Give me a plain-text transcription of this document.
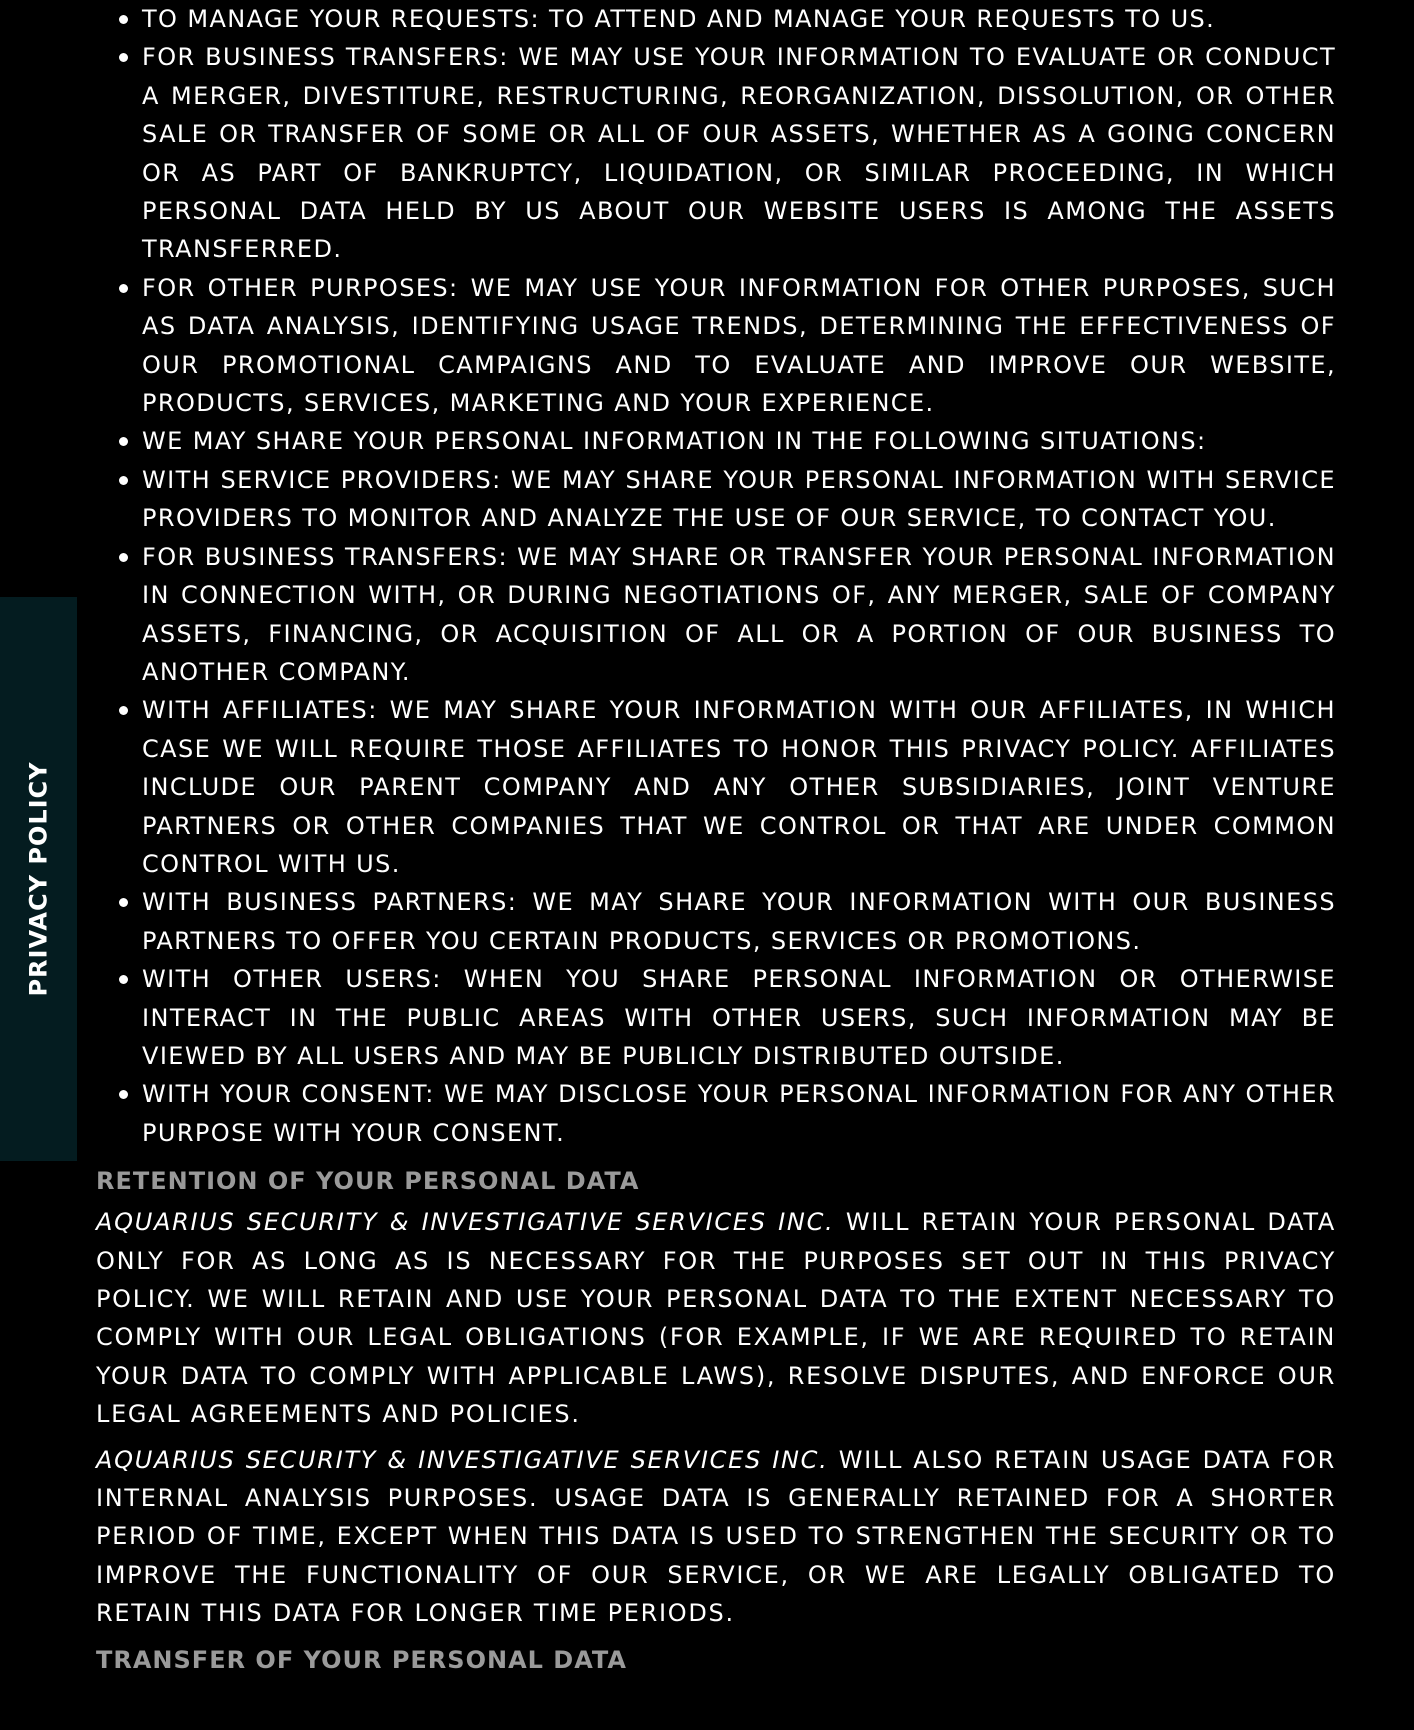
PRIVACY POLICY
TO MANAGE YOUR REQUESTS: TO ATTEND AND MANAGE YOUR REQUESTS TO US.
FOR BUSINESS TRANSFERS: WE MAY USE YOUR INFORMATION TO EVALUATE OR CONDUCT A MERGER, DIVESTITURE, RESTRUCTURING, REORGANIZATION, DISSOLUTION, OR OTHER SALE OR TRANSFER OF SOME OR ALL OF OUR ASSETS, WHETHER AS A GOING CONCERN OR AS PART OF BANKRUPTCY, LIQUIDATION, OR SIMILAR PROCEEDING, IN WHICH PERSONAL DATA HELD BY US ABOUT OUR WEBSITE USERS IS AMONG THE ASSETS TRANSFERRED.
FOR OTHER PURPOSES: WE MAY USE YOUR INFORMATION FOR OTHER PURPOSES, SUCH AS DATA ANALYSIS, IDENTIFYING USAGE TRENDS, DETERMINING THE EFFECTIVENESS OF OUR PROMOTIONAL CAMPAIGNS AND TO EVALUATE AND IMPROVE OUR WEBSITE, PRODUCTS, SERVICES, MARKETING AND YOUR EXPERIENCE.
WE MAY SHARE YOUR PERSONAL INFORMATION IN THE FOLLOWING SITUATIONS:
WITH SERVICE PROVIDERS: WE MAY SHARE YOUR PERSONAL INFORMATION WITH SERVICE PROVIDERS TO MONITOR AND ANALYZE THE USE OF OUR SERVICE, TO CONTACT YOU.
FOR BUSINESS TRANSFERS: WE MAY SHARE OR TRANSFER YOUR PERSONAL INFORMATION IN CONNECTION WITH, OR DURING NEGOTIATIONS OF, ANY MERGER, SALE OF COMPANY ASSETS, FINANCING, OR ACQUISITION OF ALL OR A PORTION OF OUR BUSINESS TO ANOTHER COMPANY.
WITH AFFILIATES: WE MAY SHARE YOUR INFORMATION WITH OUR AFFILIATES, IN WHICH CASE WE WILL REQUIRE THOSE AFFILIATES TO HONOR THIS PRIVACY POLICY. AFFILIATES INCLUDE OUR PARENT COMPANY AND ANY OTHER SUBSIDIARIES, JOINT VENTURE PARTNERS OR OTHER COMPANIES THAT WE CONTROL OR THAT ARE UNDER COMMON CONTROL WITH US.
WITH BUSINESS PARTNERS: WE MAY SHARE YOUR INFORMATION WITH OUR BUSINESS PARTNERS TO OFFER YOU CERTAIN PRODUCTS, SERVICES OR PROMOTIONS.
WITH OTHER USERS: WHEN YOU SHARE PERSONAL INFORMATION OR OTHERWISE INTERACT IN THE PUBLIC AREAS WITH OTHER USERS, SUCH INFORMATION MAY BE VIEWED BY ALL USERS AND MAY BE PUBLICLY DISTRIBUTED OUTSIDE.
WITH YOUR CONSENT: WE MAY DISCLOSE YOUR PERSONAL INFORMATION FOR ANY OTHER PURPOSE WITH YOUR CONSENT.
RETENTION OF YOUR PERSONAL DATA

AQUARIUS SECURITY & INVESTIGATIVE SERVICES INC. WILL RETAIN YOUR PERSONAL DATA ONLY FOR AS LONG AS IS NECESSARY FOR THE PURPOSES SET OUT IN THIS PRIVACY POLICY. WE WILL RETAIN AND USE YOUR PERSONAL DATA TO THE EXTENT NECESSARY TO COMPLY WITH OUR LEGAL OBLIGATIONS (FOR EXAMPLE, IF WE ARE REQUIRED TO RETAIN YOUR DATA TO COMPLY WITH APPLICABLE LAWS), RESOLVE DISPUTES, AND ENFORCE OUR LEGAL AGREEMENTS AND POLICIES.

AQUARIUS SECURITY & INVESTIGATIVE SERVICES INC. WILL ALSO RETAIN USAGE DATA FOR INTERNAL ANALYSIS PURPOSES. USAGE DATA IS GENERALLY RETAINED FOR A SHORTER PERIOD OF TIME, EXCEPT WHEN THIS DATA IS USED TO STRENGTHEN THE SECURITY OR TO IMPROVE THE FUNCTIONALITY OF OUR SERVICE, OR WE ARE LEGALLY OBLIGATED TO RETAIN THIS DATA FOR LONGER TIME PERIODS.

TRANSFER OF YOUR PERSONAL DATA
